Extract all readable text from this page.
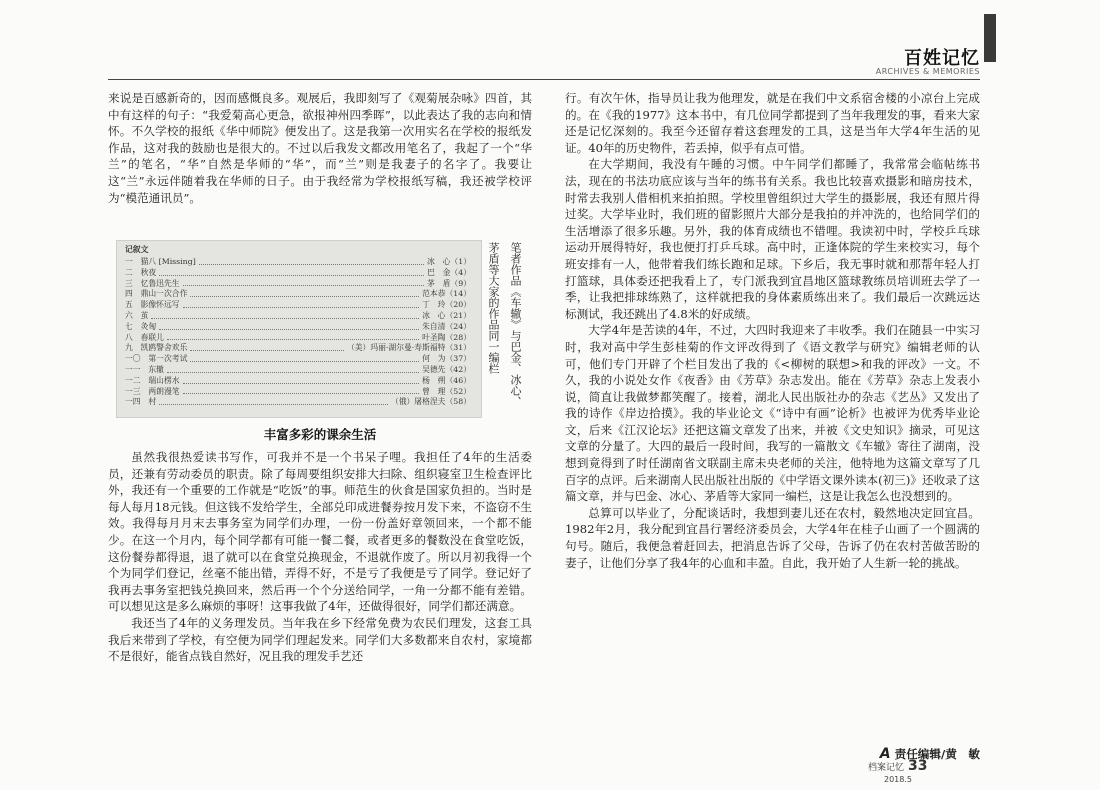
百姓记忆
ARCHIVES & MEMORIES

来说是百感新奇的，因而感慨良多。观展后，我即刻写了《观菊展杂咏》四首，其中有这样的句子：“我爱菊高心更急，欲报神州四季晖”，以此表达了我的志向和情怀。不久学校的报纸《华中师院》便发出了。这是我第一次用实名在学校的报纸发作品，这对我的鼓励也是很大的。不过以后我发文都改用笔名了，我起了一个“华兰”的笔名，“华”自然是华师的“华”，而“兰”则是我妻子的名字了。我要让这“兰”永远伴随着我在华师的日子。由于我经常为学校报纸写稿，我还被学校评为“模范通讯员”。

记叙文
一　猫八 [Missing]	冰　心（1）
二　秋夜	巴　金（4）
三　忆鲁迅先生	茅　盾（9）
四　鼎山一次合作	范本恭（14）
五　影像怀远写	丁　玲（20）
六　茧	冰　心（21）
七　灸匈	朱自清（24）
八　春联儿	叶圣陶（28）
九　凯鸥警舍欢乐	（美）玛丽·湖尔曼·寿斯福特（31）
一〇　第一次考试	何　为（37）
一一　东辙	吴德先（42）
一二　瑞山楞水	杨　朔（46）
一三　两朗漫笔	曾　理（52）
一四　村	（俄）屠格涅夫（58）	笔者作品《车辙》与巴金、冰心、
茅盾等大家的作品同一编栏
丰富多彩的课余生活

虽然我很热爱读书写作，可我并不是一个书呆子哩。我担任了4年的生活委员，还兼有劳动委员的职责。除了每周要组织安排大扫除、组织寝室卫生检查评比外，我还有一个重要的工作就是“吃饭”的事。师范生的伙食是国家负担的。当时是每人每月18元钱。但这钱不发给学生，全部兑印成进餐券按月发下来，不盗窃不生效。我得每月月末去事务室为同学们办理，一份一份盖好章领回来，一个都不能少。在这一个月内，每个同学都有可能一餐二餐，或者更多的餐数没在食堂吃饭，这份餐券都得退，退了就可以在食堂兑换现金，不退就作废了。所以月初我得一个个为同学们登记，丝毫不能出错，弄得不好，不是亏了我便是亏了同学。登记好了我再去事务室把钱兑换回来，然后再一个个分送给同学，一角一分都不能有差错。可以想见这是多么麻烦的事呀！这事我做了4年，还做得很好，同学们都还满意。

我还当了4年的义务理发员。当年我在乡下经常免费为农民们理发，这套工具我后来带到了学校，有空便为同学们理起发来。同学们大多数都来自农村，家境都不是很好，能省点钱自然好，况且我的理发手艺还

行。有次午休，指导员让我为他理发，就是在我们中文系宿舍楼的小凉台上完成的。在《我的1977》这本书中，有几位同学都提到了当年我理发的事，看来大家还是记忆深刻的。我至今还留存着这套理发的工具，这是当年大学4年生活的见证。40年的历史物件，若丢掉，似乎有点可惜。

在大学期间，我没有午睡的习惯。中午同学们都睡了，我常常会临帖练书法，现在的书法功底应该与当年的练书有关系。我也比较喜欢摄影和暗房技术，时常去我别人借相机来拍拍照。学校里曾组织过大学生的摄影展，我还有照片得过奖。大学毕业时，我们班的留影照片大部分是我拍的并冲洗的，也给同学们的生活增添了很多乐趣。另外，我的体育成绩也不错哩。我读初中时，学校乒乓球运动开展得特好，我也便打打乒乓球。高中时，正逢体院的学生来校实习，每个班安排有一人，他带着我们练长跑和足球。下乡后，我无事时就和那帮年轻人打打篮球，具体委还把我看上了，专门派我到宜昌地区篮球教练员培训班去学了一季，让我把排球练熟了，这样就把我的身体素质练出来了。我们最后一次跳远达标测试，我还跳出了4.8米的好成绩。

大学4年是苦读的4年，不过，大四时我迎来了丰收季。我们在随县一中实习时，我对高中学生彭桂菊的作文评改得到了《语文教学与研究》编辑老师的认可，他们专门开辟了个栏目发出了我的《<柳树的联想>和我的评改》一文。不久，我的小说处女作《夜香》由《芳草》杂志发出。能在《芳草》杂志上发表小说，简直让我做梦都笑醒了。接着，湖北人民出版社办的杂志《艺丛》又发出了我的诗作《岸边拾摸》。我的毕业论文《“诗中有画”论析》也被评为优秀毕业论文，后来《江汉论坛》还把这篇文章发了出来，并被《文史知识》摘录，可见这文章的分量了。大四的最后一段时间，我写的一篇散文《车辙》寄往了湖南，没想到竟得到了时任湖南省文联副主席未央老师的关注，他特地为这篇文章写了几百字的点评。后来湖南人民出版社出版的《中学语文课外读本(初三)》还收录了这篇文章，并与巴金、冰心、茅盾等大家同一编栏，这是让我怎么也没想到的。

总算可以毕业了，分配谈话时，我想到妻儿还在农村，毅然地决定回宜昌。1982年2月，我分配到宜昌行署经济委员会，大学4年在桂子山画了一个圆满的句号。随后，我便急着赶回去，把消息告诉了父母，告诉了仍在农村苦做苦盼的妻子，让他们分享了我4年的心血和丰盈。自此，我开始了人生新一轮的挑战。

A 责任编辑/黄　敏
档案记忆 33
2018.5
